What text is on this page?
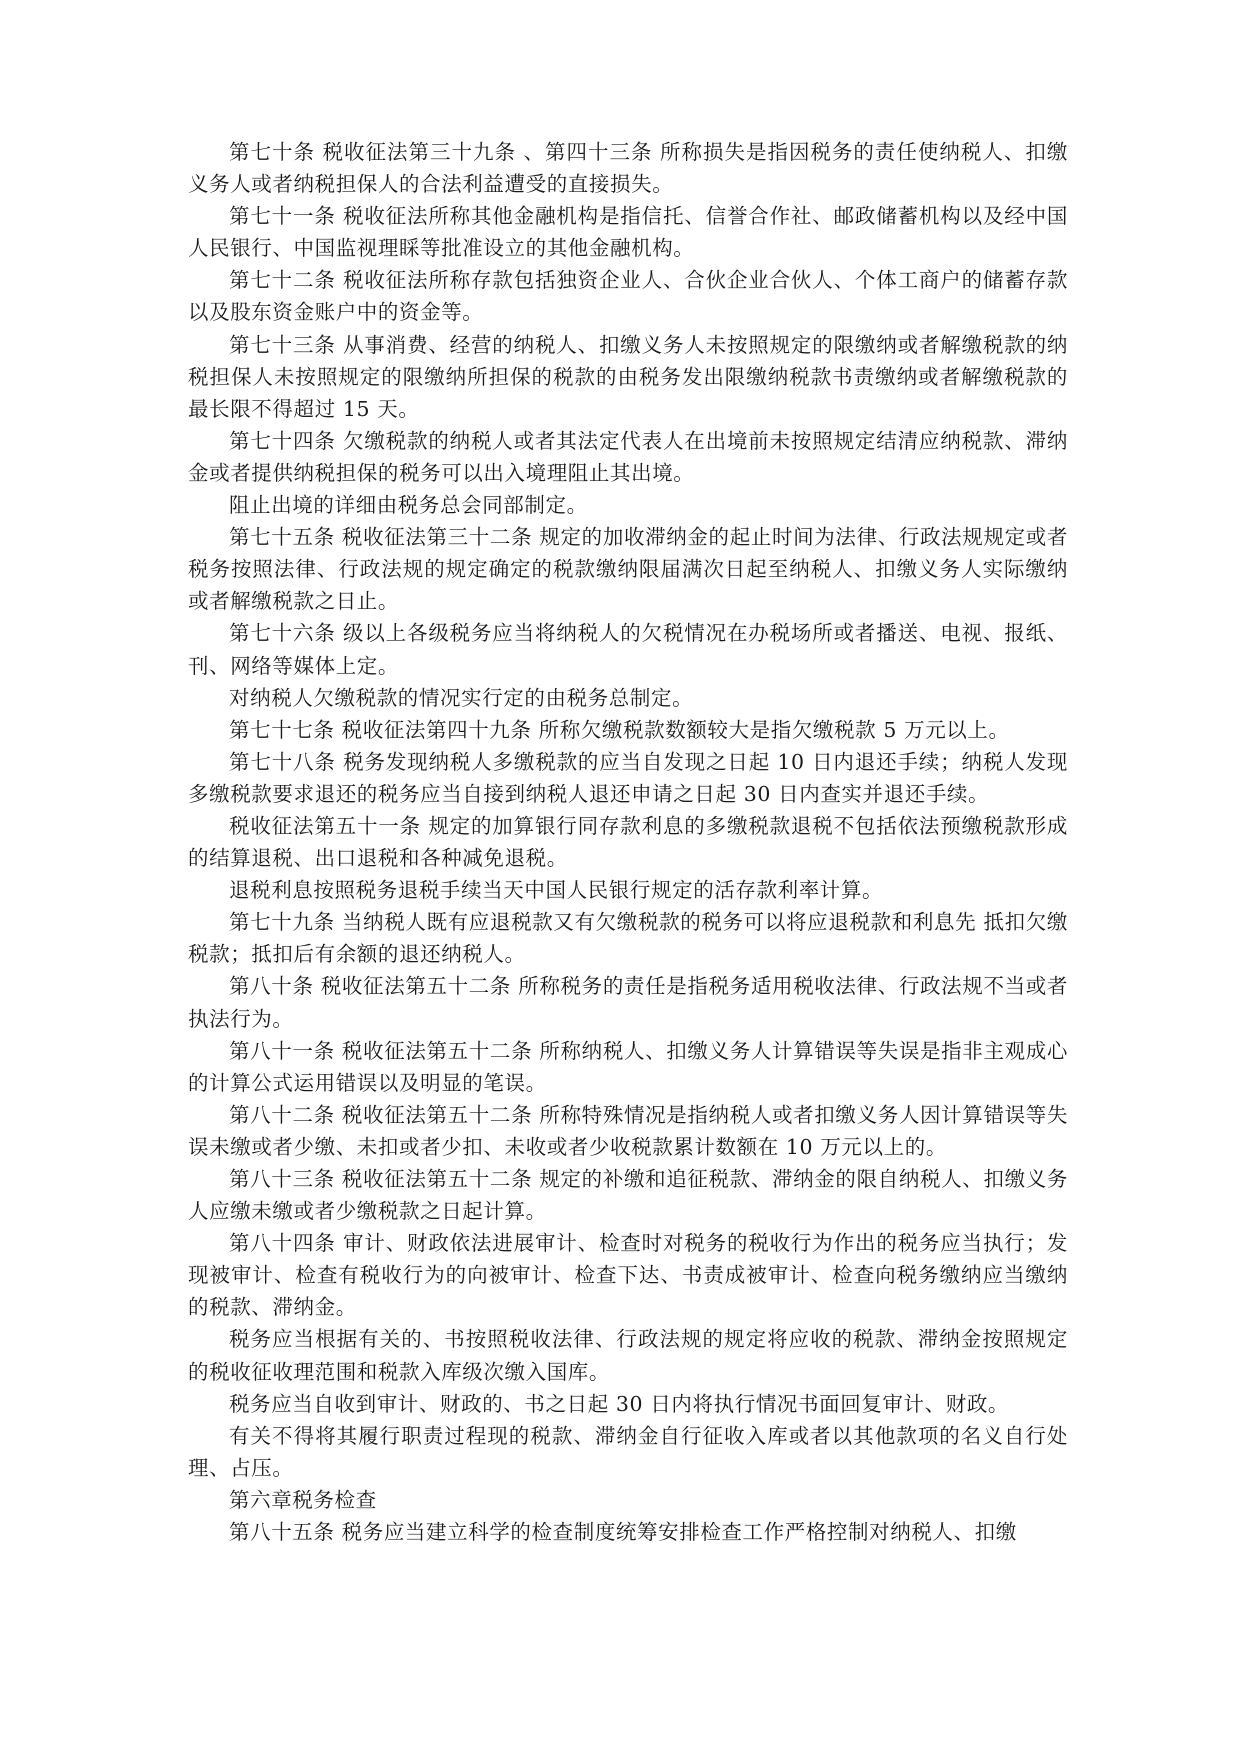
第七十条 税收征法第三十九条 、第四十三条 所称损失是指因税务的责任使纳税人、扣缴义务人或者纳税担保人的合法利益遭受的直接损失。

第七十一条 税收征法所称其他金融机构是指信托、信誉合作社、邮政储蓄机构以及经中国人民银行、中国监视理睬等批准设立的其他金融机构。

第七十二条 税收征法所称存款包括独资企业人、合伙企业合伙人、个体工商户的储蓄存款以及股东资金账户中的资金等。

第七十三条 从事消费、经营的纳税人、扣缴义务人未按照规定的限缴纳或者解缴税款的纳税担保人未按照规定的限缴纳所担保的税款的由税务发出限缴纳税款书责缴纳或者解缴税款的最长限不得超过 15 天。

第七十四条 欠缴税款的纳税人或者其法定代表人在出境前未按照规定结清应纳税款、滞纳金或者提供纳税担保的税务可以出入境理阻止其出境。

阻止出境的详细由税务总会同部制定。

第七十五条 税收征法第三十二条 规定的加收滞纳金的起止时间为法律、行政法规规定或者税务按照法律、行政法规的规定确定的税款缴纳限届满次日起至纳税人、扣缴义务人实际缴纳或者解缴税款之日止。

第七十六条 级以上各级税务应当将纳税人的欠税情况在办税场所或者播送、电视、报纸、刊、网络等媒体上定。

对纳税人欠缴税款的情况实行定的由税务总制定。

第七十七条 税收征法第四十九条 所称欠缴税款数额较大是指欠缴税款 5 万元以上。

第七十八条 税务发现纳税人多缴税款的应当自发现之日起 10 日内退还手续；纳税人发现多缴税款要求退还的税务应当自接到纳税人退还申请之日起 30 日内查实并退还手续。

税收征法第五十一条 规定的加算银行同存款利息的多缴税款退税不包括依法预缴税款形成的结算退税、出口退税和各种减免退税。

退税利息按照税务退税手续当天中国人民银行规定的活存款利率计算。

第七十九条 当纳税人既有应退税款又有欠缴税款的税务可以将应退税款和利息先 抵扣欠缴税款；抵扣后有余额的退还纳税人。

第八十条 税收征法第五十二条 所称税务的责任是指税务适用税收法律、行政法规不当或者执法行为。

第八十一条 税收征法第五十二条 所称纳税人、扣缴义务人计算错误等失误是指非主观成心的计算公式运用错误以及明显的笔误。

第八十二条 税收征法第五十二条 所称特殊情况是指纳税人或者扣缴义务人因计算错误等失误未缴或者少缴、未扣或者少扣、未收或者少收税款累计数额在 10 万元以上的。

第八十三条 税收征法第五十二条 规定的补缴和追征税款、滞纳金的限自纳税人、扣缴义务人应缴未缴或者少缴税款之日起计算。

第八十四条 审计、财政依法进展审计、检查时对税务的税收行为作出的税务应当执行；发现被审计、检查有税收行为的向被审计、检查下达、书责成被审计、检查向税务缴纳应当缴纳的税款、滞纳金。

税务应当根据有关的、书按照税收法律、行政法规的规定将应收的税款、滞纳金按照规定的税收征收理范围和税款入库级次缴入国库。

税务应当自收到审计、财政的、书之日起 30 日内将执行情况书面回复审计、财政。

有关不得将其履行职责过程现的税款、滞纳金自行征收入库或者以其他款项的名义自行处理、占压。

第六章税务检查

第八十五条 税务应当建立科学的检查制度统筹安排检查工作严格控制对纳税人、扣缴
